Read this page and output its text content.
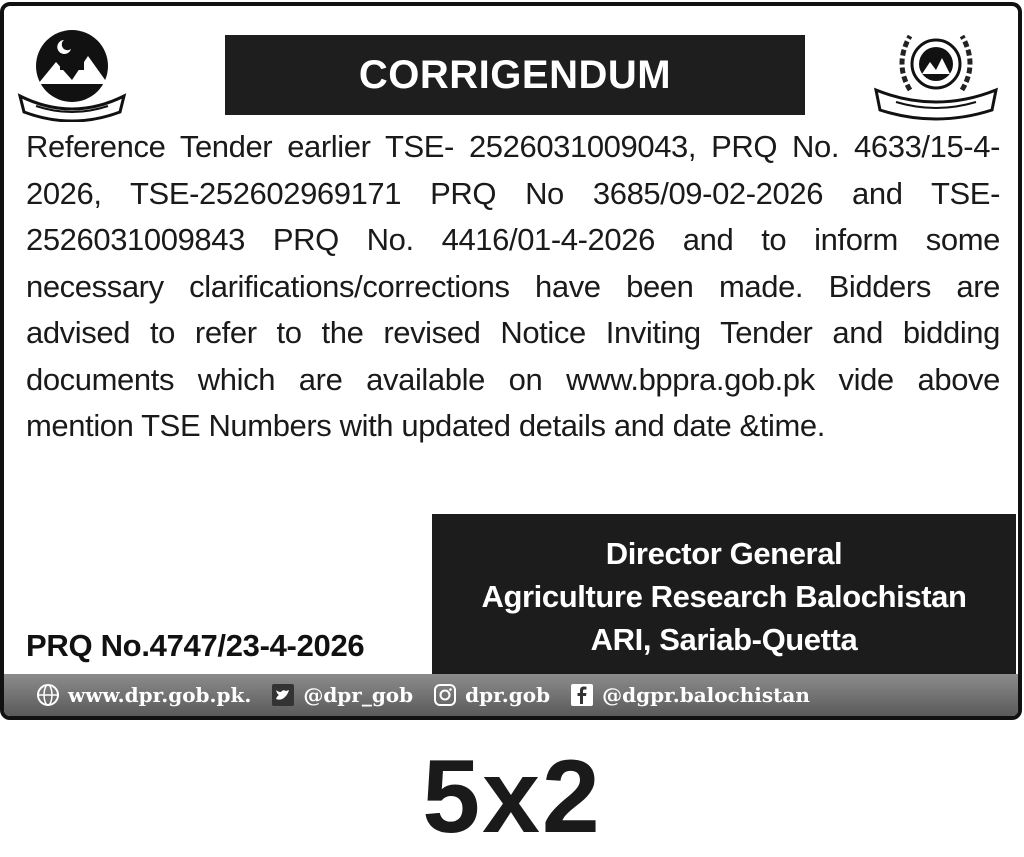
CORRIGENDUM
Reference Tender earlier TSE- 2526031009043, PRQ No. 4633/15-4-2026, TSE-252602969171 PRQ No 3685/09-02-2026 and TSE-2526031009843 PRQ No. 4416/01-4-2026 and to inform some necessary clarifications/corrections have been made. Bidders are advised to refer to the revised Notice Inviting Tender and bidding documents which are available on www.bppra.gob.pk vide above mention TSE Numbers with updated details and date &time.
Director General
Agriculture Research Balochistan
ARI, Sariab-Quetta
PRQ No.4747/23-4-2026
www.dpr.gob.pk.	@dpr_gob	dpr.gob	@dgpr.balochistan
5x2
